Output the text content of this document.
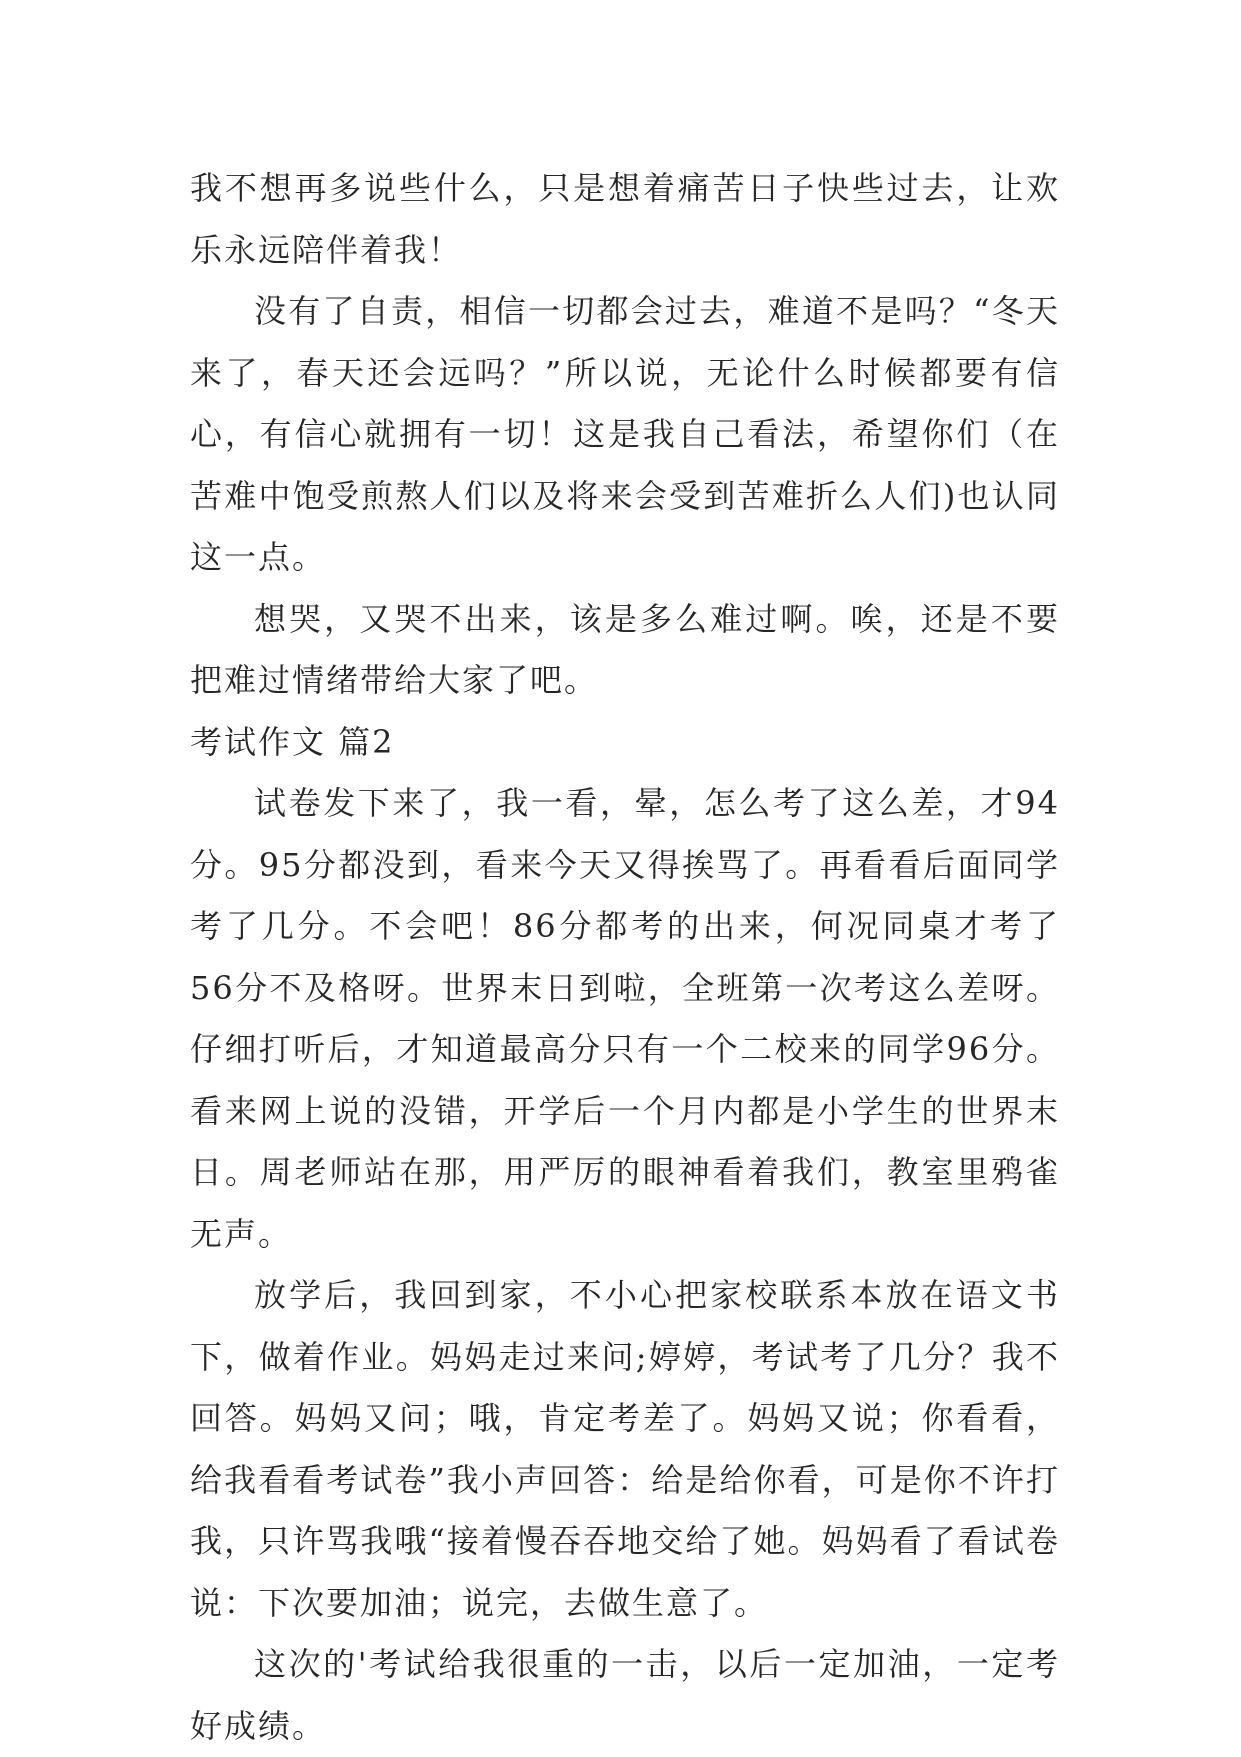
我不想再多说些什么，只是想着痛苦日子快些过去，让欢乐永远陪伴着我！

没有了自责，相信一切都会过去，难道不是吗？“冬天来了，春天还会远吗？”所以说，无论什么时候都要有信心，有信心就拥有一切！这是我自己看法，希望你们（在苦难中饱受煎熬人们以及将来会受到苦难折么人们)也认同这一点。

想哭，又哭不出来，该是多么难过啊。唉，还是不要把难过情绪带给大家了吧。

考试作文 篇2

试卷发下来了，我一看，晕，怎么考了这么差，才94分。95分都没到，看来今天又得挨骂了。再看看后面同学考了几分。不会吧！86分都考的出来，何况同桌才考了56分不及格呀。世界末日到啦，全班第一次考这么差呀。仔细打听后，才知道最高分只有一个二校来的同学96分。看来网上说的没错，开学后一个月内都是小学生的世界末日。周老师站在那，用严厉的眼神看着我们，教室里鸦雀无声。

放学后，我回到家，不小心把家校联系本放在语文书下，做着作业。妈妈走过来问;婷婷，考试考了几分？我不回答。妈妈又问；哦，肯定考差了。妈妈又说；你看看，给我看看考试卷”我小声回答：给是给你看，可是你不许打我，只许骂我哦“接着慢吞吞地交给了她。妈妈看了看试卷说：下次要加油；说完，去做生意了。

这次的'考试给我很重的一击，以后一定加油，一定考好成绩。
